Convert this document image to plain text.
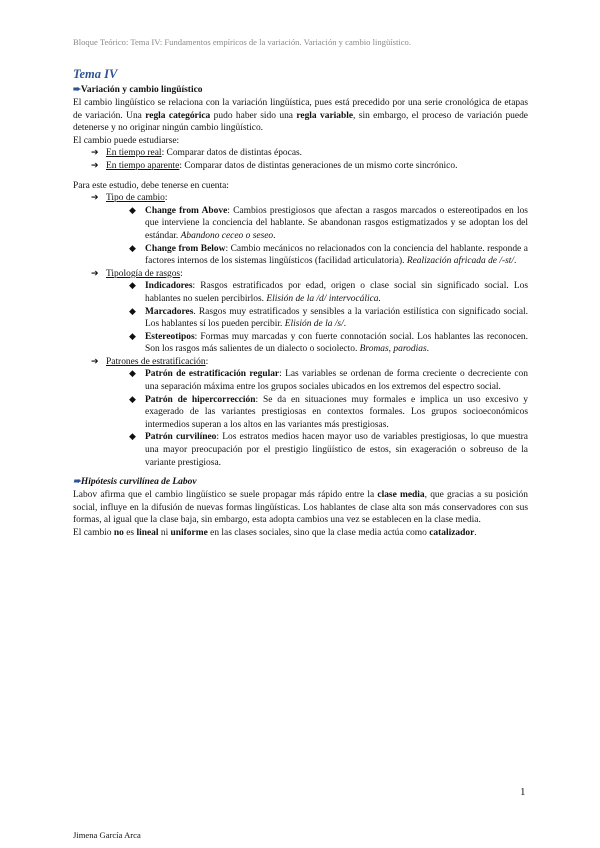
Bloque Teórico: Tema IV: Fundamentos empíricos de la variación. Variación y cambio lingüístico.
Tema IV
➨Variación y cambio lingüístico

El cambio lingüístico se relaciona con la variación lingüística, pues está precedido por una serie cronológica de etapas de variación. Una regla categórica pudo haber sido una regla variable, sin embargo, el proceso de variación puede detenerse y no originar ningún cambio lingüístico.

El cambio puede estudiarse:

➔ En tiempo real: Comparar datos de distintas épocas.
➔ En tiempo aparente: Comparar datos de distintas generaciones de un mismo corte sincrónico.

Para este estudio, debe tenerse en cuenta:

➔ Tipo de cambio:
◆ Change from Above: Cambios prestigiosos que afectan a rasgos marcados o estereotipados en los que interviene la conciencia del hablante. Se abandonan rasgos estigmatizados y se adoptan los del estándar. Abandono ceceo o seseo.
◆ Change from Below: Cambio mecánicos no relacionados con la conciencia del hablante. responde a factores internos de los sistemas lingüísticos (facilidad articulatoria). Realización africada de /-st/.
➔ Tipología de rasgos:
◆ Indicadores: Rasgos estratificados por edad, origen o clase social sin significado social. Los hablantes no suelen percibirlos. Elisión de la /d/ intervocálica.
◆ Marcadores. Rasgos muy estratificados y sensibles a la variación estilística con significado social. Los hablantes sí los pueden percibir. Elisión de la /s/.
◆ Estereotipos: Formas muy marcadas y con fuerte connotación social. Los hablantes las reconocen. Son los rasgos más salientes de un dialecto o sociolecto. Bromas, parodias.
➔ Patrones de estratificación:
◆ Patrón de estratificación regular: Las variables se ordenan de forma creciente o decreciente con una separación máxima entre los grupos sociales ubicados en los extremos del espectro social.
◆ Patrón de hipercorrección: Se da en situaciones muy formales e implica un uso excesivo y exagerado de las variantes prestigiosas en contextos formales. Los grupos socioeconómicos intermedios superan a los altos en las variantes más prestigiosas.
◆ Patrón curvilíneo: Los estratos medios hacen mayor uso de variables prestigiosas, lo que muestra una mayor preocupación por el prestigio lingüístico de estos, sin exageración o sobreuso de la variante prestigiosa.
➨Hipótesis curvilínea de Labov

Labov afirma que el cambio lingüístico se suele propagar más rápido entre la clase media, que gracias a su posición social, influye en la difusión de nuevas formas lingüísticas. Los hablantes de clase alta son más conservadores con sus formas, al igual que la clase baja, sin embargo, esta adopta cambios una vez se establecen en la clase media.

El cambio no es lineal ni uniforme en las clases sociales, sino que la clase media actúa como catalizador.

1
Jimena García Arca
